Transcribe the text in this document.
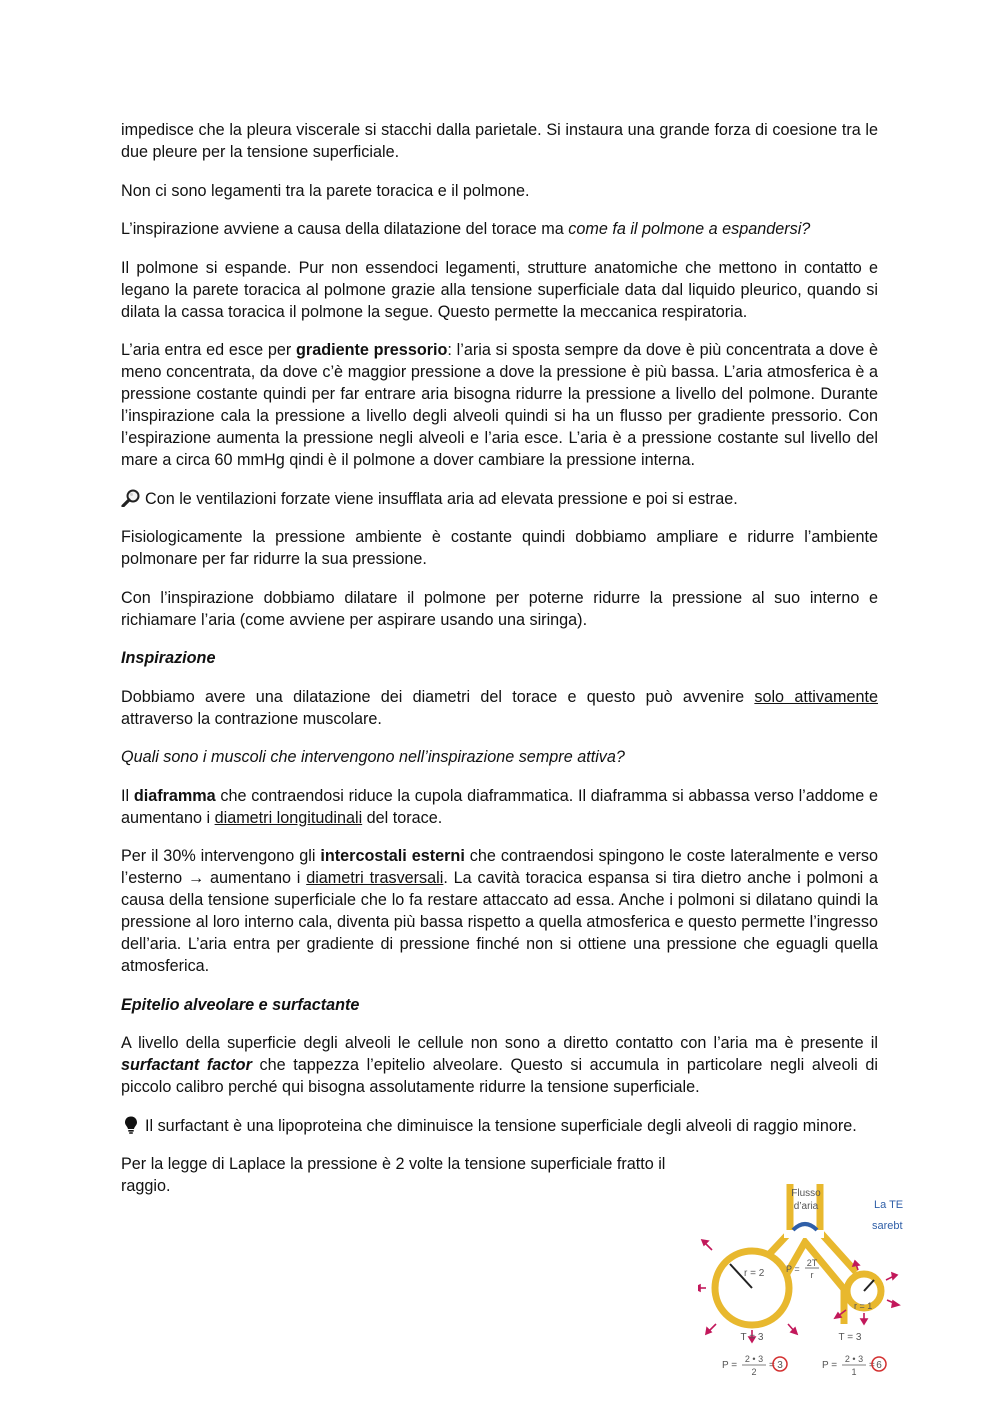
impedisce che la pleura viscerale si stacchi dalla parietale. Si instaura una grande forza di coesione tra le due pleure per la tensione superficiale.

Non ci sono legamenti tra la parete toracica e il polmone.

L’inspirazione avviene a causa della dilatazione del torace ma come fa il polmone a espandersi?

Il polmone si espande. Pur non essendoci legamenti, strutture anatomiche che mettono in contatto e legano la parete toracica al polmone grazie alla tensione superficiale data dal liquido pleurico, quando si dilata la cassa toracica il polmone la segue. Questo permette la meccanica respiratoria.

L’aria entra ed esce per gradiente pressorio: l’aria si sposta sempre da dove è più concentrata a dove è meno concentrata, da dove c’è maggior pressione a dove la pressione è più bassa. L’aria atmosferica è a pressione costante quindi per far entrare aria bisogna ridurre la pressione a livello del polmone. Durante l’inspirazione cala la pressione a livello degli alveoli quindi si ha un flusso per gradiente pressorio. Con l’espirazione aumenta la pressione negli alveoli e l’aria esce. L’aria è a pressione costante sul livello del mare a circa 60 mmHg qindi è il polmone a dover cambiare la pressione interna.

Con le ventilazioni forzate viene insufflata aria ad elevata pressione e poi si estrae.

Fisiologicamente la pressione ambiente è costante quindi dobbiamo ampliare e ridurre l’ambiente polmonare per far ridurre la sua pressione.

Con l’inspirazione dobbiamo dilatare il polmone per poterne ridurre la pressione al suo interno e richiamare l’aria (come avviene per aspirare usando una siringa).

Inspirazione

Dobbiamo avere una dilatazione dei diametri del torace e questo può avvenire solo attivamente attraverso la contrazione muscolare.

Quali sono i muscoli che intervengono nell’inspirazione sempre attiva?

Il diaframma che contraendosi riduce la cupola diaframmatica. Il diaframma si abbassa verso l’addome e aumentano i diametri longitudinali del torace.

Per il 30% intervengono gli intercostali esterni che contraendosi spingono le coste lateralmente e verso l’esterno → aumentano i diametri trasversali. La cavità toracica espansa si tira dietro anche i polmoni a causa della tensione superficiale che lo fa restare attaccato ad essa. Anche i polmoni si dilatano quindi la pressione al loro interno cala, diventa più bassa rispetto a quella atmosferica e questo permette l’ingresso dell’aria. L’aria entra per gradiente di pressione finché non si ottiene una pressione che eguagli quella atmosferica.

Epitelio alveolare e surfactante

A livello della superficie degli alveoli le cellule non sono a diretto contatto con l’aria ma è presente il surfactant factor che tappezza l’epitelio alveolare. Questo si accumula in particolare negli alveoli di piccolo calibro perché qui bisogna assolutamente ridurre la tensione superficiale.

Il surfactant è una lipoproteina che diminuisce la tensione superficiale degli alveoli di raggio minore.

Per la legge di Laplace la pressione è 2 volte la tensione superficiale fratto il raggio.	Flusso
d’aria
P =
2T
r
r = 2
r = 1
T = 3	T = 3
P =
2 • 3
2
= 3	P =
2 • 3
1
= 6
La TE
sarebt
